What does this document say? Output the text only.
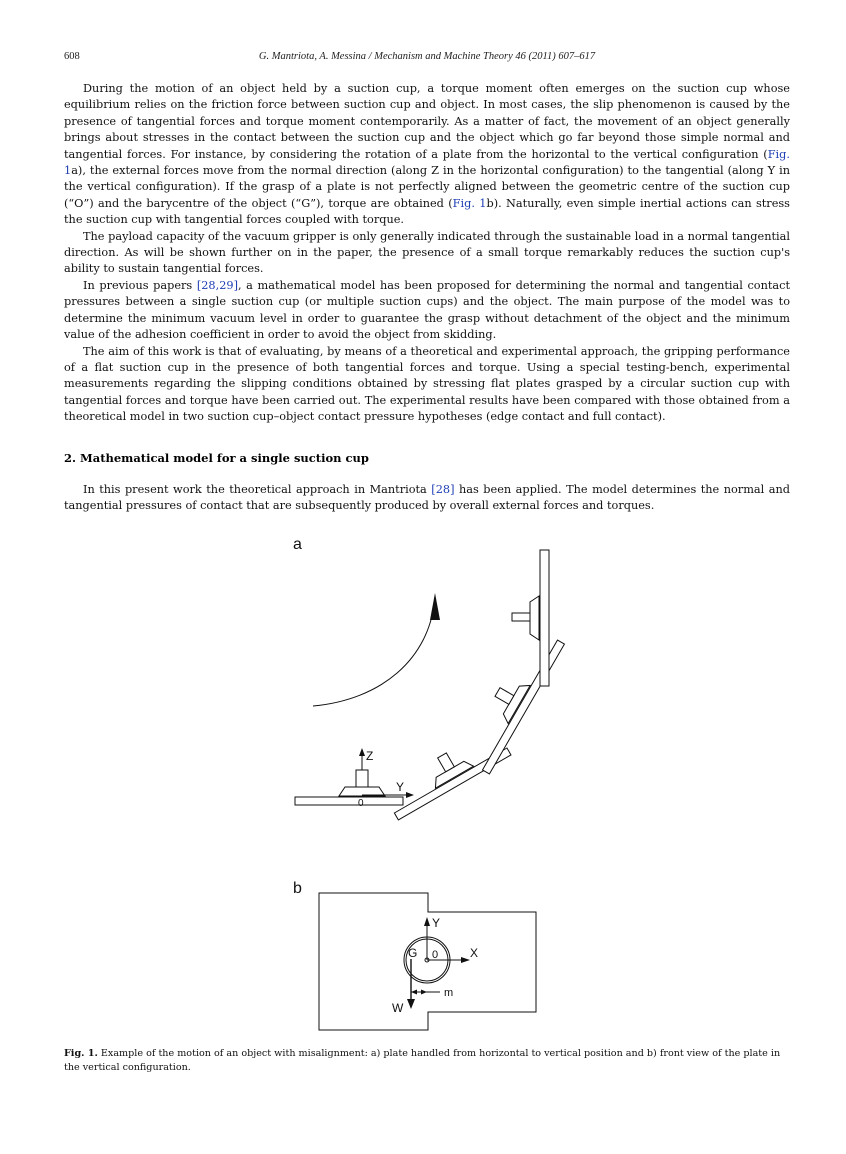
608	G. Mantriota, A. Messina / Mechanism and Machine Theory 46 (2011) 607–617

During the motion of an object held by a suction cup, a torque moment often emerges on the suction cup whose equilibrium relies on the friction force between suction cup and object. In most cases, the slip phenomenon is caused by the presence of tangential forces and torque moment contemporarily. As a matter of fact, the movement of an object generally brings about stresses in the contact between the suction cup and the object which go far beyond those simple normal and tangential forces. For instance, by considering the rotation of a plate from the horizontal to the vertical configuration (Fig. 1a), the external forces move from the normal direction (along Z in the horizontal configuration) to the tangential (along Y in the vertical configuration). If the grasp of a plate is not perfectly aligned between the geometric centre of the suction cup (“O”) and the barycentre of the object (“G”), torque are obtained (Fig. 1b). Naturally, even simple inertial actions can stress the suction cup with tangential forces coupled with torque.

The payload capacity of the vacuum gripper is only generally indicated through the sustainable load in a normal tangential direction. As will be shown further on in the paper, the presence of a small torque remarkably reduces the suction cup's ability to sustain tangential forces.

In previous papers [28,29], a mathematical model has been proposed for determining the normal and tangential contact pressures between a single suction cup (or multiple suction cups) and the object. The main purpose of the model was to determine the minimum vacuum level in order to guarantee the grasp without detachment of the object and the minimum value of the adhesion coefficient in order to avoid the object from skidding.

The aim of this work is that of evaluating, by means of a theoretical and experimental approach, the gripping performance of a flat suction cup in the presence of both tangential forces and torque. Using a special testing-bench, experimental measurements regarding the slipping conditions obtained by stressing flat plates grasped by a circular suction cup with tangential forces and torque have been carried out. The experimental results have been compared with those obtained from a theoretical model in two suction cup–object contact pressure hypotheses (edge contact and full contact).

2. Mathematical model for a single suction cup

In this present work the theoretical approach in Mantriota [28] has been applied. The model determines the normal and tangential pressures of contact that are subsequently produced by overall external forces and torques.

a
Z
Y
0
b
Y
X
G 0
W
m
Fig. 1. Example of the motion of an object with misalignment: a) plate handled from horizontal to vertical position and b) front view of the plate in the vertical configuration.
